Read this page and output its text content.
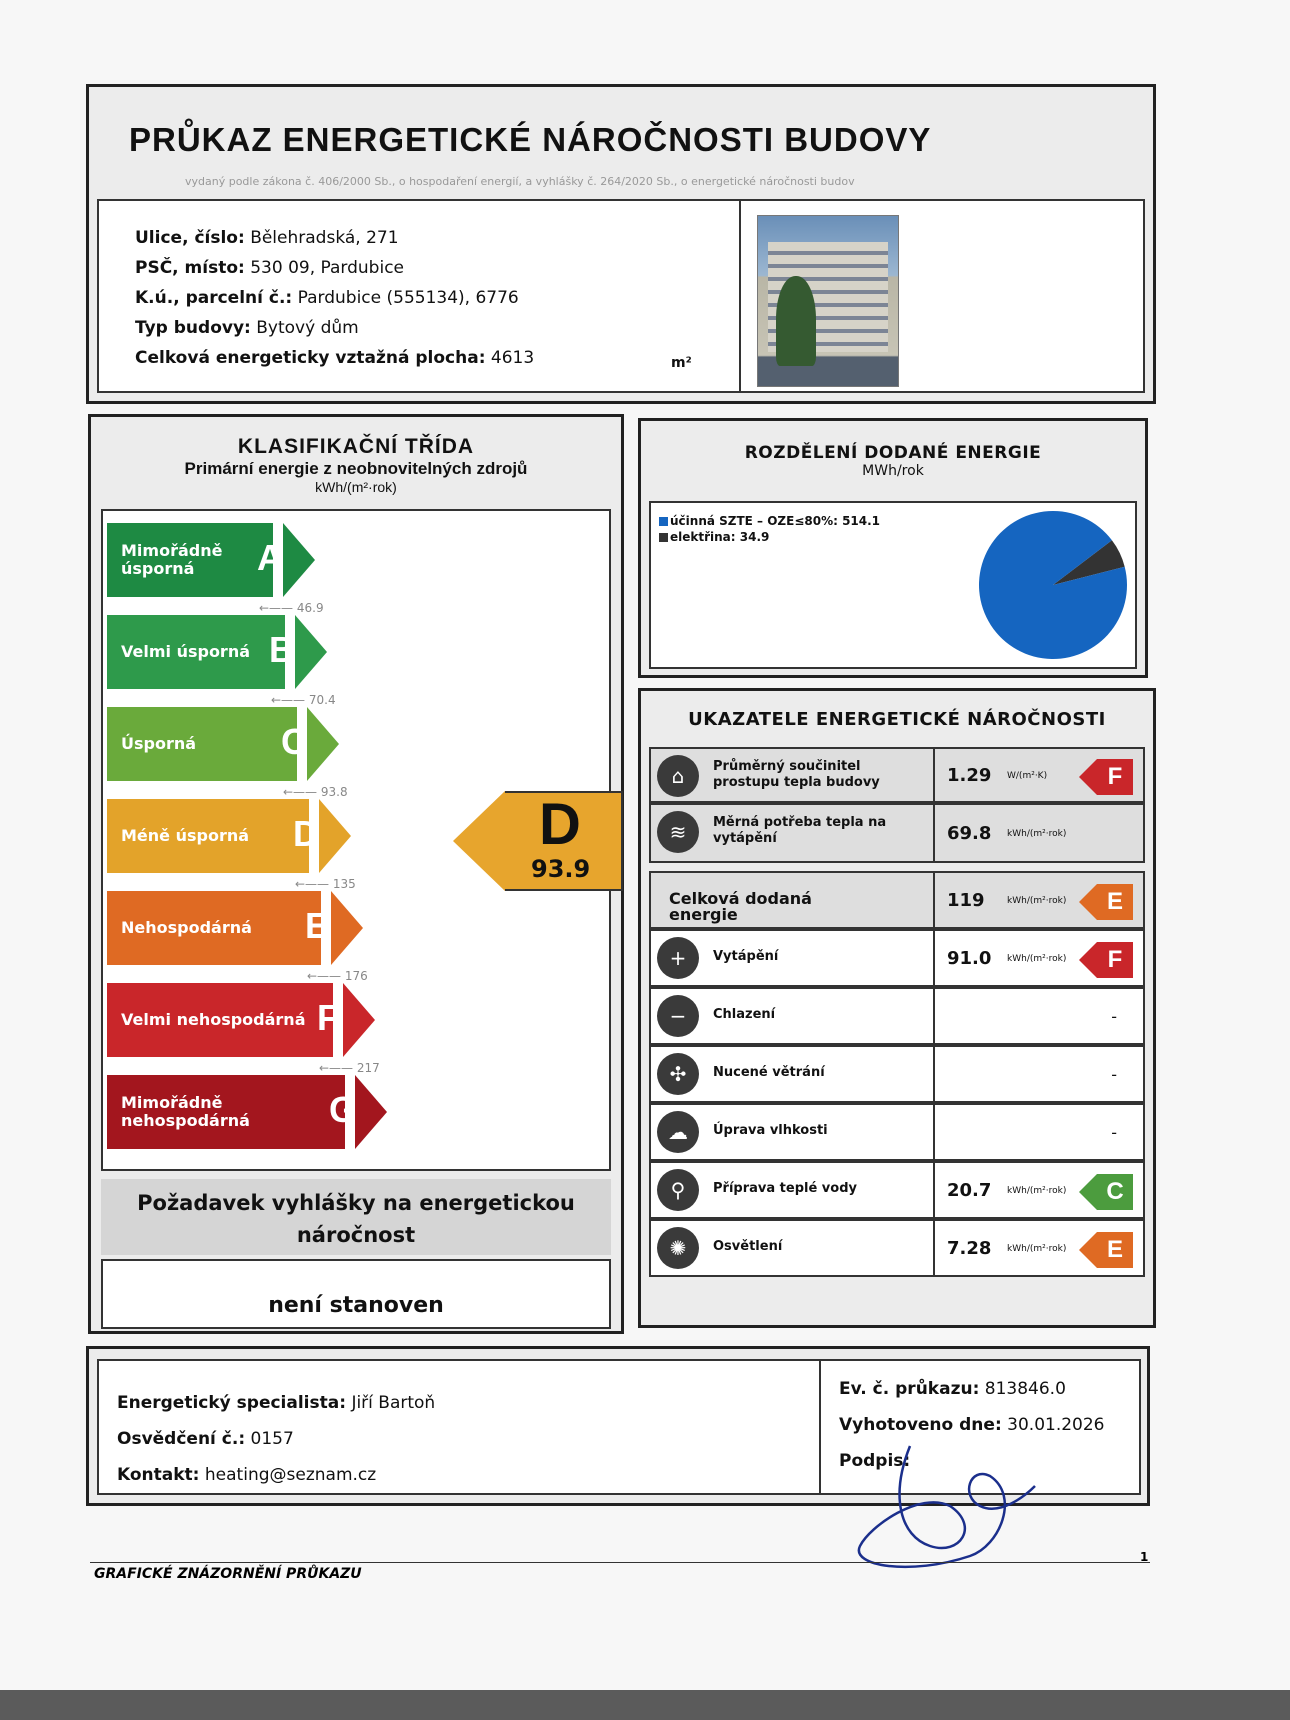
PRŮKAZ ENERGETICKÉ NÁROČNOSTI BUDOVY
vydaný podle zákona č. 406/2000 Sb., o hospodaření energií, a vyhlášky č. 264/2020 Sb., o energetické náročnosti budov
Ulice, číslo: Bělehradská, 271
PSČ, místo: 530 09, Pardubice
K.ú., parcelní č.: Pardubice (555134), 6776
Typ budovy: Bytový dům
Celková energeticky vztažná plocha: 4613	m²
KLASIFIKAČNÍ TŘÍDA
Primární energie z neobnovitelných zdrojů
kWh/(m²·rok)
D
93.9
Mimořádně úsporná	A
←—— 46.9
Velmi úsporná B
←—— 70.4
Úsporná	C
←—— 93.8
Méně úsporná	D
←—— 135
Nehospodárná	E
←—— 176
Velmi nehospodárná F
←—— 217
Mimořádně nehospodárná	G
Požadavek vyhlášky na energetickou náročnost
není stanoven
ROZDĚLENÍ DODANÉ ENERGIE
MWh/rok
účinná SZTE – OZE≤80%: 514.1
elektřina: 34.9
UKAZATELE ENERGETICKÉ NÁROČNOSTI
⌂	Průměrný součinitel prostupu tepla budovy	1.29 W/(m²·K)	F
≋	Měrná potřeba tepla na vytápění	69.8 kWh/(m²·rok)
Celková dodaná energie
119 kWh/(m²·rok)	E
+	Vytápění	91.0 kWh/(m²·rok)	F
−	Chlazení	-
✣	Nucené větrání	-
☁	Úprava vlhkosti	-
⚲	Příprava teplé vody	20.7 kWh/(m²·rok)	C
✺	Osvětlení	7.28 kWh/(m²·rok)	E
Energetický specialista: Jiří Bartoň
Osvědčení č.: 0157
Kontakt: heating@seznam.cz
Ev. č. průkazu: 813846.0
Vyhotoveno dne: 30.01.2026
Podpis:
GRAFICKÉ ZNÁZORNĚNÍ PRŮKAZU
1
